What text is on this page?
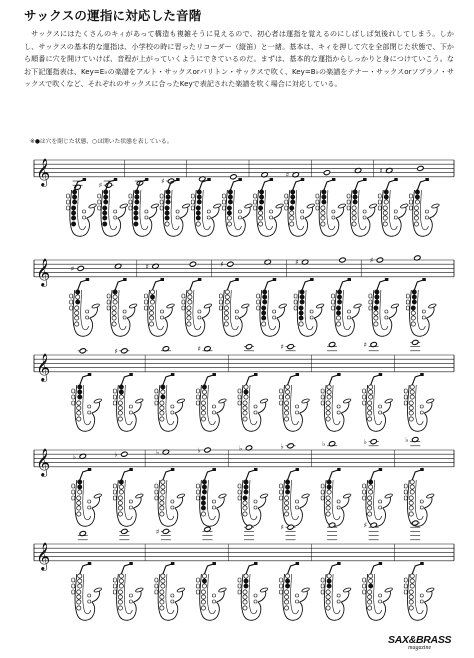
サックスの運指に対応した音階

サックスにはたくさんのキィがあって構造も複雑そうに見えるので、初心者は運指を覚えるのにしばしば気後れしてしまう。しかし、サックスの基本的な運指は、小学校の時に習ったリコーダー（縦笛）と一緒。基本は、キィを押して穴を全部閉じた状態で、下から順番に穴を開けていけば、音程が上がっていくようにできているのだ。まずは、基本的な運指からしっかりと身につけていこう。なお下記運指表は、Key=E♭の楽譜をアルト・サックスorバリトン・サックスで吹く、Key=B♭の楽譜をテナー・サックスorソプラノ・サックスで吹くなど、それぞれのサックスに合ったKeyで表記された楽譜を吹く場合に対応している。

※●は穴を閉じた状態、○は開いた状態を表している。
𝄞	♯
♯
♯
♯
𝄞	♯	♯	♯	♯	♯
𝄞
♯	♯	♯	♯
𝄞	♭	♭	♭	♭	♭	♭	♭	♭	♭
𝄞
♯
♯	♯
SAX&BRASS
magazine
